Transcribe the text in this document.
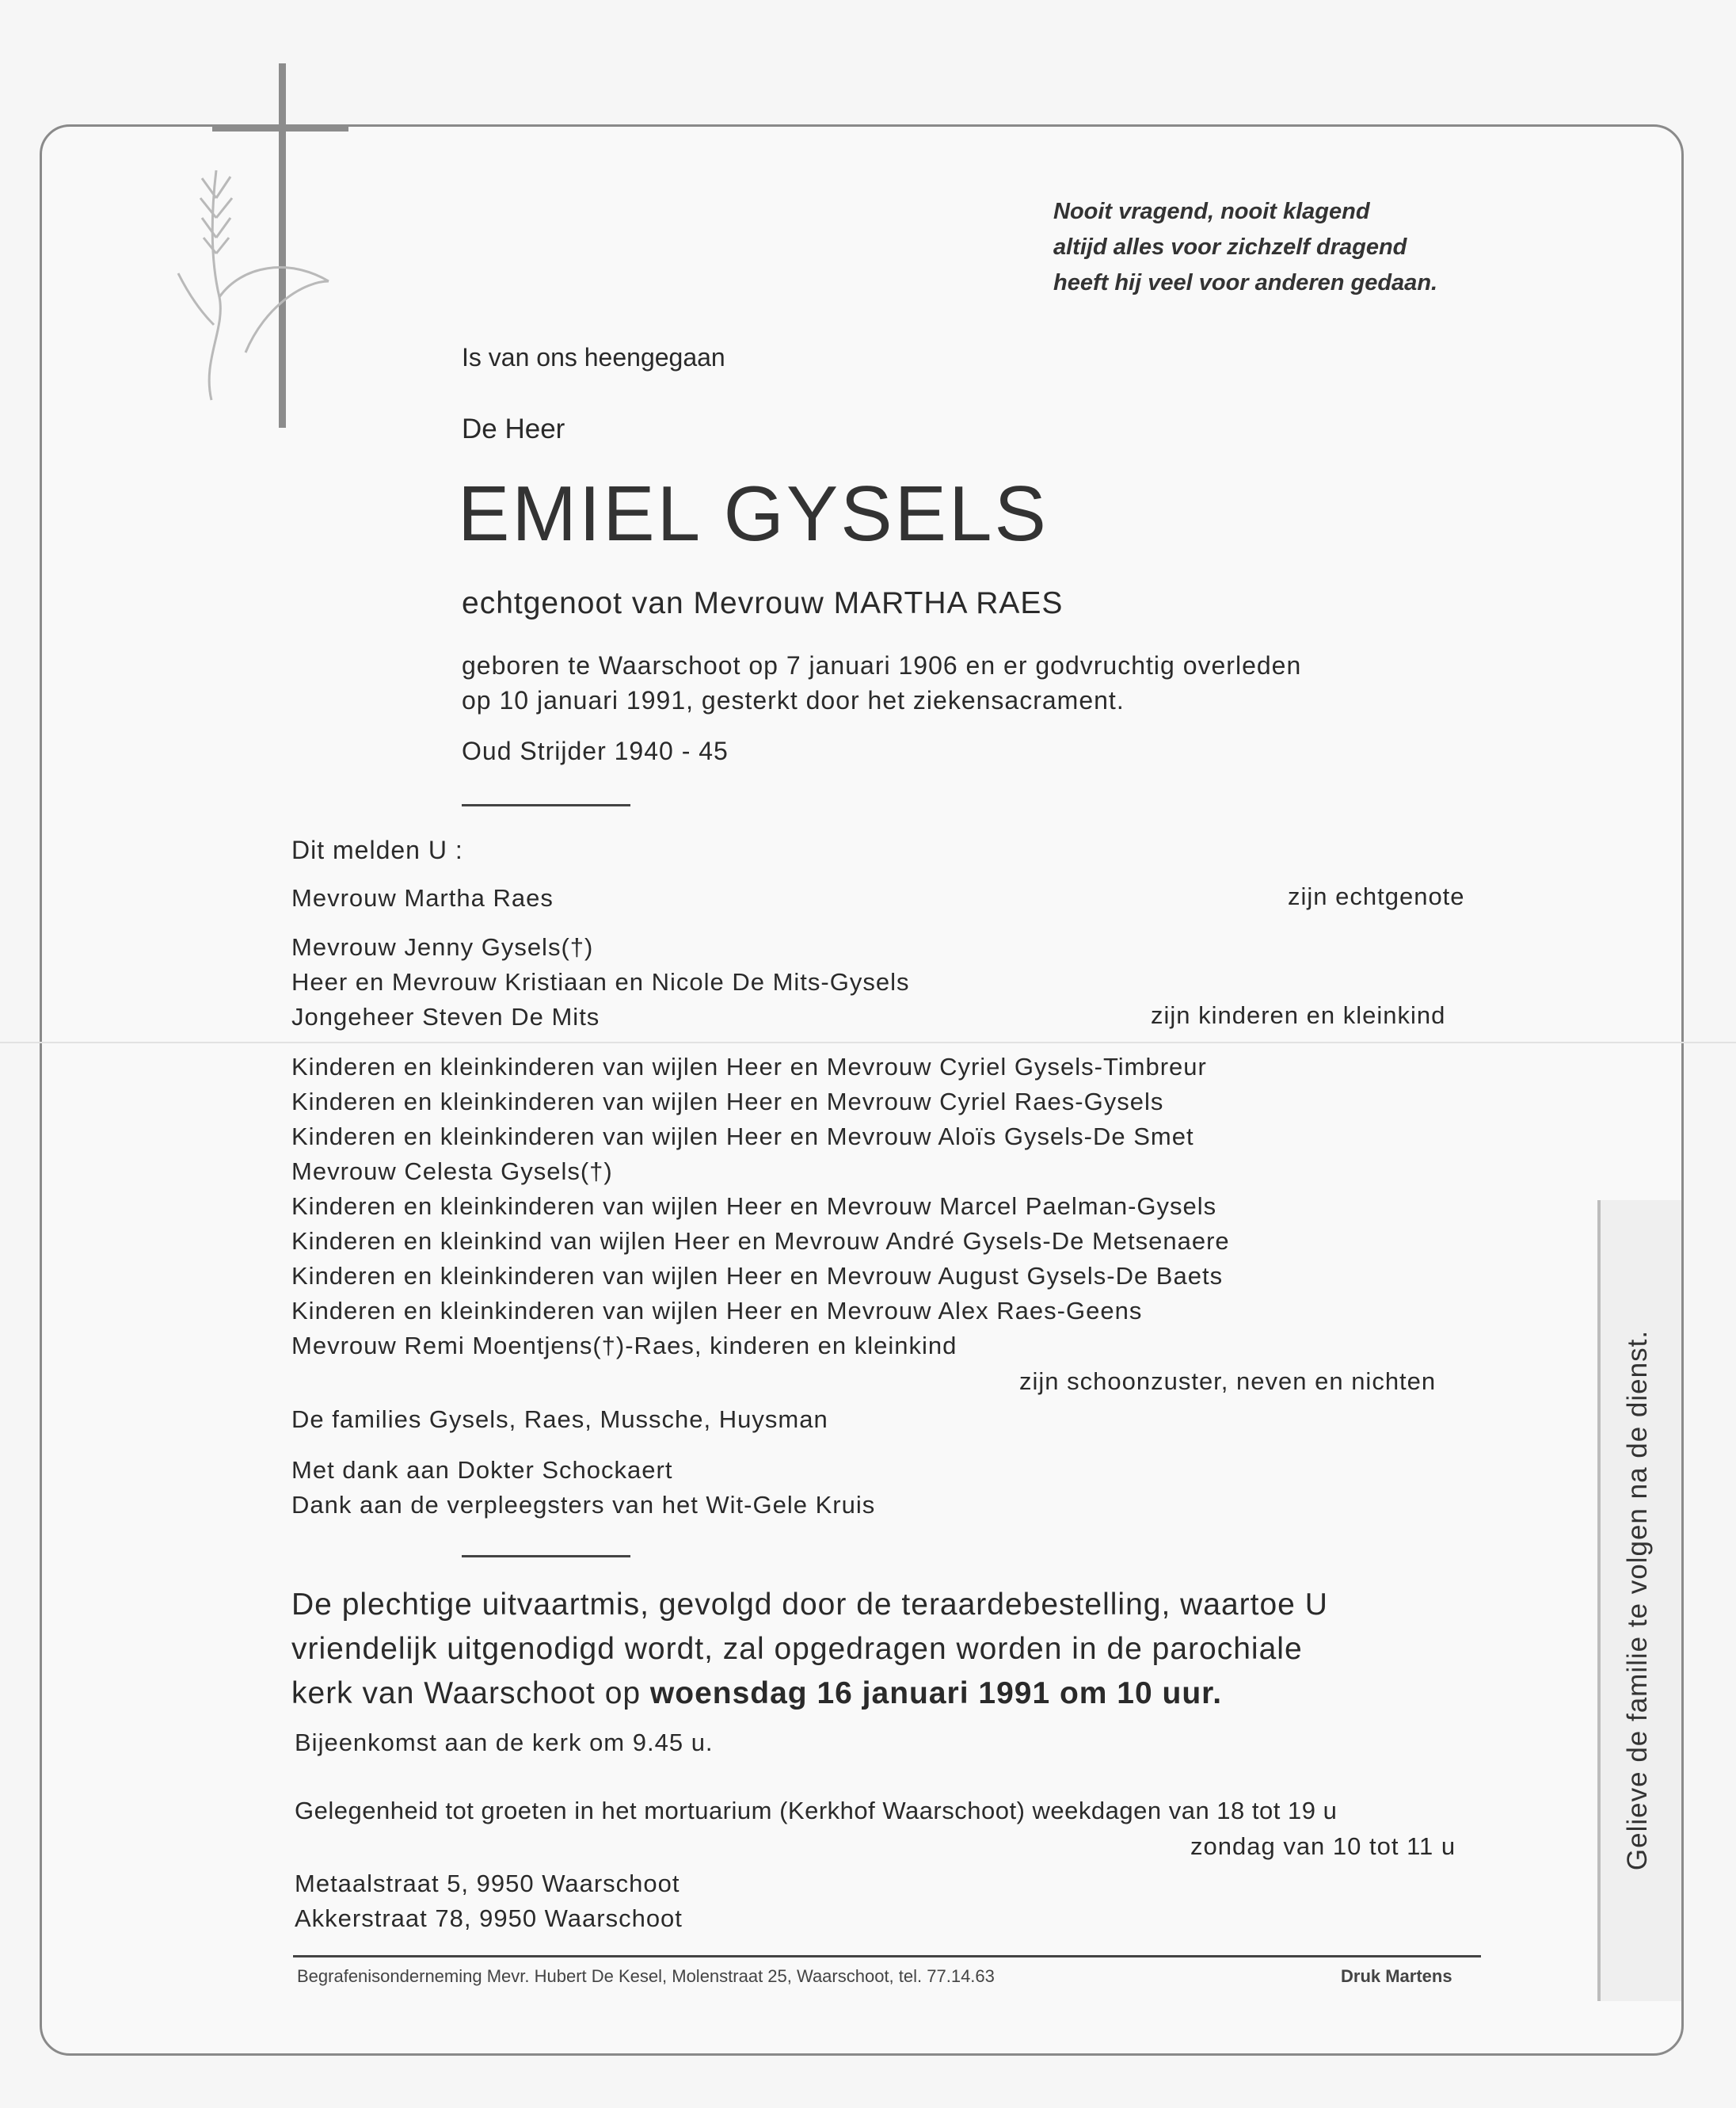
Nooit vragend, nooit klagend
altijd alles voor zichzelf dragend
heeft hij veel voor anderen gedaan.
Is van ons heengegaan
De Heer
EMIEL GYSELS
echtgenoot van Mevrouw MARTHA RAES
geboren te Waarschoot op 7 januari 1906 en er godvruchtig overleden
op 10 januari 1991, gesterkt door het ziekensacrament.
Oud Strijder 1940 - 45
Dit melden U :
Mevrouw Martha Raes	zijn echtgenote
Mevrouw Jenny Gysels(†)
Heer en Mevrouw Kristiaan en Nicole De Mits-Gysels
Jongeheer Steven De Mits	zijn kinderen en kleinkind
Kinderen en kleinkinderen van wijlen Heer en Mevrouw Cyriel Gysels-Timbreur
Kinderen en kleinkinderen van wijlen Heer en Mevrouw Cyriel Raes-Gysels
Kinderen en kleinkinderen van wijlen Heer en Mevrouw Aloïs Gysels-De Smet
Mevrouw Celesta Gysels(†)
Kinderen en kleinkinderen van wijlen Heer en Mevrouw Marcel Paelman-Gysels
Kinderen en kleinkind van wijlen Heer en Mevrouw André Gysels-De Metsenaere
Kinderen en kleinkinderen van wijlen Heer en Mevrouw August Gysels-De Baets
Kinderen en kleinkinderen van wijlen Heer en Mevrouw Alex Raes-Geens
Mevrouw Remi Moentjens(†)-Raes, kinderen en kleinkind
zijn schoonzuster, neven en nichten
De families Gysels, Raes, Mussche, Huysman
Met dank aan Dokter Schockaert
Dank aan de verpleegsters van het Wit-Gele Kruis
De plechtige uitvaartmis, gevolgd door de teraardebestelling, waartoe U
vriendelijk uitgenodigd wordt, zal opgedragen worden in de parochiale
kerk van Waarschoot op woensdag 16 januari 1991 om 10 uur.
Bijeenkomst aan de kerk om 9.45 u.
Gelegenheid tot groeten in het mortuarium (Kerkhof Waarschoot) weekdagen van 18 tot 19 u
zondag van 10 tot 11 u
Metaalstraat 5, 9950 Waarschoot
Akkerstraat 78, 9950 Waarschoot
Begrafenisonderneming Mevr. Hubert De Kesel, Molenstraat 25, Waarschoot, tel. 77.14.63	Druk Martens
Gelieve de familie te volgen na de dienst.
